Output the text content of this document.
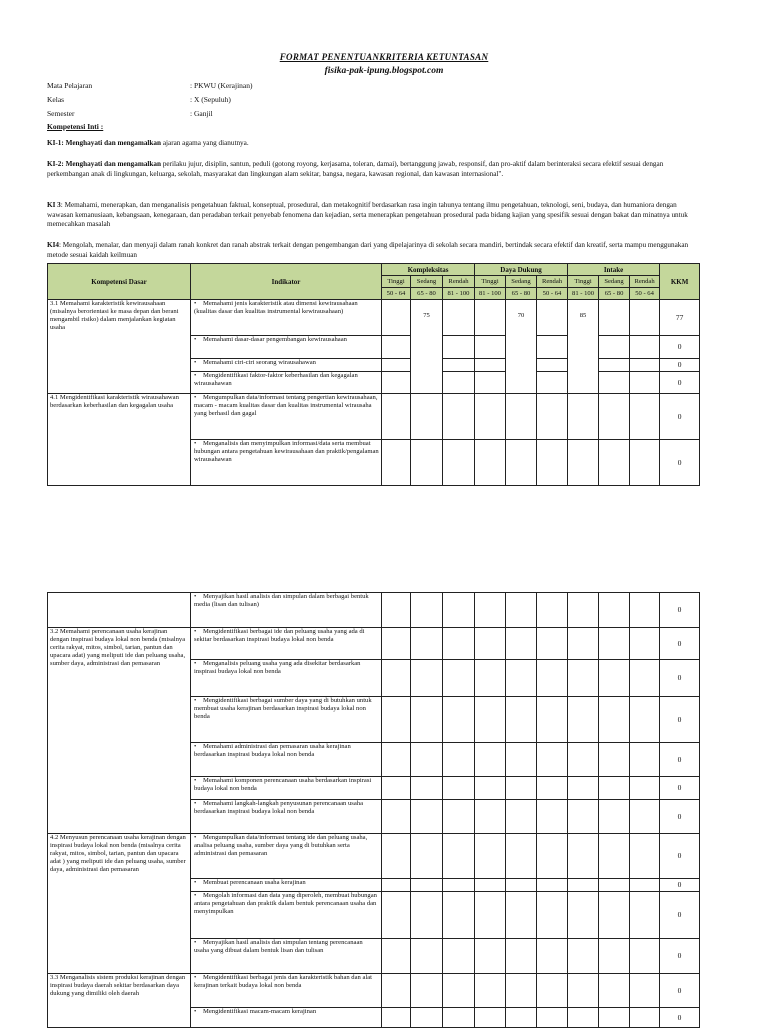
FORMAT PENENTUANKRITERIA KETUNTASAN
fisika-pak-ipung.blogspot.com
Mata Pelajaran	: PKWU (Kerajinan)
Kelas	: X (Sepuluh)
Semester	: Ganjil
Kompetensi Inti :
KI-1: Menghayati dan mengamalkan ajaran agama yang dianutnya.
KI-2: Menghayati dan mengamalkan perilaku jujur, disiplin, santun, peduli (gotong royong, kerjasama, toleran, damai), bertanggung jawab, responsif, dan pro-aktif dalam berinteraksi secara efektif sesuai dengan perkembangan anak di lingkungan, keluarga, sekolah, masyarakat dan lingkungan alam sekitar, bangsa, negara, kawasan regional, dan kawasan internasional".
KI 3: Memahami, menerapkan, dan menganalisis pengetahuan faktual, konseptual, prosedural, dan metakognitif berdasarkan rasa ingin tahunya tentang ilmu pengetahuan, teknologi, seni, budaya, dan humaniora dengan wawasan kemanusiaan, kebangsaan, kenegaraan, dan peradaban terkait penyebab fenomena dan kejadian, serta menerapkan pengetahuan prosedural pada bidang kajian yang spesifik sesuai dengan bakat dan minatnya untuk memecahkan masalah
KI4: Mengolah, menalar, dan menyaji dalam ranah konkret dan ranah abstrak terkait dengan pengembangan dari yang dipelajarinya di sekolah secara mandiri, bertindak secara efektif dan kreatif, serta mampu menggunakan metode sesuai kaidah keilmuan
Kompetensi Dasar	Indikator	Kompleksitas			Daya Dukung			Intake			KKM
		Tinggi	Sedang	Rendah	Tinggi	Sedang	Rendah	Tinggi	Sedang	Rendah	
		50 - 64	65 - 80	81 - 100	81 - 100	65 - 80	50 - 64	81 - 100	65 - 80	50 - 64	
3.1 Memahami karakteristik kewirausahaan (misalnya berorientasi ke masa depan dan berani mengambil risiko) dalam menjalankan kegiatan usaha	• Memahami jenis karakteristik atau dimensi kewirausahaan (kualitas dasar dan kualitas instrumental kewirausahaan)		75			70		85			77
	• Memahami dasar-dasar pengembangan kewirausahaan										0
	• Memahami ciri-ciri seorang wirausahawan										0
	• Mengidentifikasi faktor-faktor keberhasilan dan kegagalan wirausahawan										0
4.1 Mengidentifikasi karakteristik wirausahawan berdasarkan keberhasilan dan kegagalan usaha	• Mengumpulkan data/informasi tentang pengertian kewirausahaan, macam - macam kualitas dasar dan kualitas instrumental wirausaha yang berhasil dan gagal										0
	• Menganalisis dan menyimpulkan informasi/data serta membuat hubungan antara pengetahuan kewirausahaan dan praktik/pengalaman wirausahawan										0
	• Menyajikan hasil analisis dan simpulan dalam berbagai bentuk media (lisan dan tulisan)										0
3.2 Memahami perencanaan usaha kerajinan dengan inspirasi budaya lokal non benda (misalnya cerita rakyat, mitos, simbol, tarian, pantun dan upacara adat) yang meliputi ide dan peluang usaha, sumber daya, administrasi dan pemasaran	• Mengidentifikasi berbagai ide dan peluang usaha yang ada di sekitar berdasarkan inspirasi budaya lokal non benda										0
	• Menganalisis peluang usaha yang ada disekitar berdasarkan inspirasi budaya lokal non benda										0
	• Mengidentifikasi berbagai sumber daya yang di butuhkan untuk membuat usaha kerajinan berdasarkan inspirasi budaya lokal non benda										0
	• Memahami administrasi dan pemasaran usaha kerajinan berdasarkan inspirasi budaya lokal non benda										0
	• Memahami komponen perencanaan usaha berdasarkan inspirasi budaya lokal non benda										0
	• Memahami langkah-langkah penyusunan perencanaan usaha berdasarkan inspirasi budaya lokal non benda										0
4.2 Menyusun perencanaan usaha kerajinan dengan inspirasi budaya lokal non benda (misalnya cerita rakyat, mitos, simbol, tarian, pantun dan upacara adat ) yang meliputi ide dan peluang usaha, sumber daya, administrasi dan pemasaran	• Mengumpulkan data/informasi tentang ide dan peluang usaha, analisa peluang usaha, sumber daya yang di butuhkan serta administrasi dan pemasaran										0
	• Membuat perencanaan usaha kerajinan										0
	• Mengolah informasi dan data yang diperoleh, membuat hubungan antara pengetahuan dan praktik dalam bentuk perencanaan usaha dan menyimpulkan										0
	• Menyajikan hasil analisis dan simpulan tentang perencanaan usaha yang dibuat dalam bentuk lisan dan tulisan										0
3.3 Menganalisis sistem produksi kerajinan dengan inspirasi budaya daerah sekitar berdasarkan daya dukung yang dimiliki oleh daerah	• Mengidentifikasi berbagai jenis dan karakteristik bahan dan alat kerajinan terkait budaya lokal non benda										0
	• Mengidentifikasi macam-macam kerajinan										0
